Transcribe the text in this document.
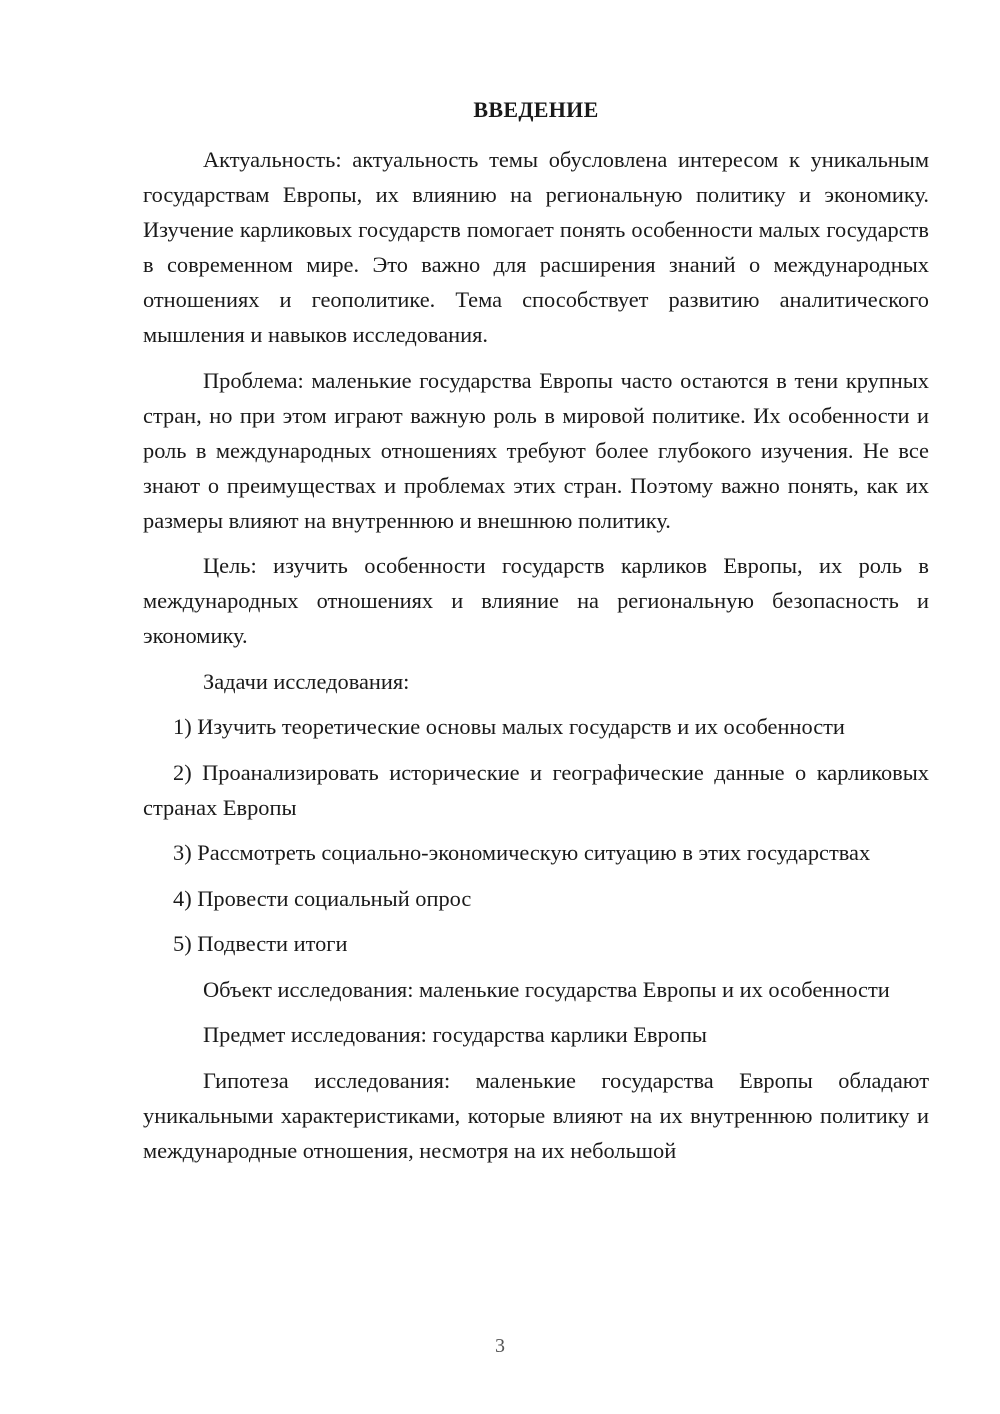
ВВЕДЕНИЕ

Актуальность: актуальность темы обусловлена интересом к уникальным государствам Европы, их влиянию на региональную политику и экономику. Изучение карликовых государств помогает понять особенности малых государств в современном мире. Это важно для расширения знаний о международных отношениях и геополитике. Тема способствует развитию аналитического мышления и навыков исследования.

Проблема: маленькие государства Европы часто остаются в тени крупных стран, но при этом играют важную роль в мировой политике. Их особенности и роль в международных отношениях требуют более глубокого изучения. Не все знают о преимуществах и проблемах этих стран. Поэтому важно понять, как их размеры влияют на внутреннюю и внешнюю политику.

Цель: изучить особенности государств карликов Европы, их роль в международных отношениях и влияние на региональную безопасность и экономику.

Задачи исследования:

1) Изучить теоретические основы малых государств и их особенности

2) Проанализировать исторические и географические данные о карликовых странах Европы

3) Рассмотреть социально-экономическую ситуацию в этих государствах

4) Провести социальный опрос

5) Подвести итоги

Объект исследования: маленькие государства Европы и их особенности

Предмет исследования: государства карлики Европы

Гипотеза исследования: маленькие государства Европы обладают уникальными характеристиками, которые влияют на их внутреннюю политику и международные отношения, несмотря на их небольшой

3
